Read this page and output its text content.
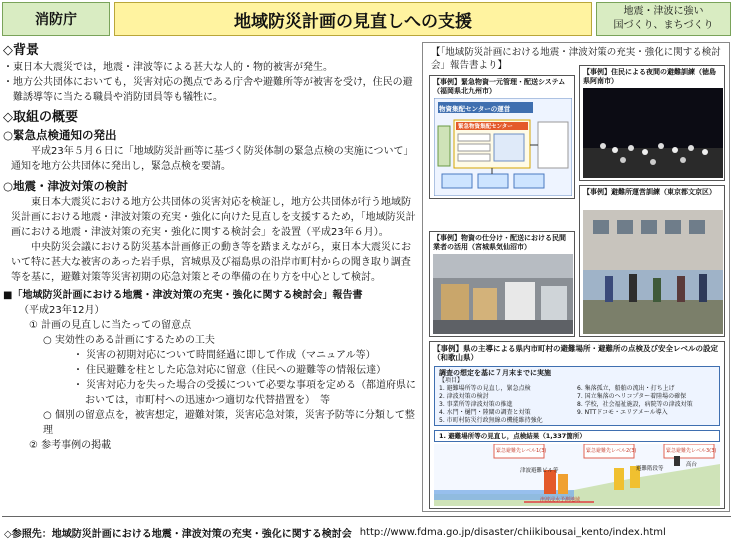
消防庁	地域防災計画の見直しへの支援	地震・津波に強い
国づくり、まちづくり
◇背景
・東日本大震災では，地震・津波等による甚大な人的・物的被害が発生。
・地方公共団体においても，災害対応の拠点である庁舎や避難所等が被害を受け，住民の避難誘導等に当たる職員や消防団員等も犠牲に。
◇取組の概要
○緊急点検通知の発出
平成23年５月６日に「地域防災計画等に基づく防災体制の緊急点検の実施について」通知を地方公共団体に発出し，緊急点検を要請。
○地震・津波対策の検討
東日本大震災における地方公共団体の災害対応を検証し，地方公共団体が行う地域防災計画における地震・津波対策の充実・強化に向けた見直しを支援するため，「地域防災計画における地震・津波対策の充実・強化に関する検討会」を設置（平成23年６月）。
中央防災会議における防災基本計画修正の動き等を踏まえながら，東日本大震災において特に甚大な被害のあった岩手県，宮城県及び福島県の沿岸市町村からの聞き取り調査等を基に，避難対策等災害初期の応急対策とその準備の在り方を中心として検討。
■「地域防災計画における地震・津波対策の充実・強化に関する検討会」報告書
（平成23年12月）
① 計画の見直しに当たっての留意点
○ 実効性のある計画にするための工夫
・ 災害の初期対応について時間経過に即して作成（マニュアル等）
・ 住民避難を柱とした応急対応に留意（住民への避難等の情報伝達）
・ 災害対応力を失った場合の受援について必要な事項を定める（都道府県においては，市町村への迅速かつ適切な代替措置を）　等
○ 個別の留意点を，被害想定，避難対策，災害応急対策，災害予防等に分類して整理
② 参考事例の掲載
【「地域防災計画における地震・津波対策の充実・強化に関する検討会」報告書より】
【事例】緊急物資一元管理・配送システム（福岡県北九州市）
物資集配センターの運営
緊急物資集配センター
【事例】住民による夜間の避難訓練（徳島県阿南市）
【事例】物資の仕分け・配送における民間業者の活用（宮城県気仙沼市）
【事例】避難所運営訓練（東京都文京区）
【事例】県の主導による県内市町村の避難場所・避難所の点検及び安全レベルの設定（和歌山県）
調査の想定を基に７月末までに実施
【項目】
1. 避難場所等の見直し，緊急点検
2. 津波対策の検討
3. 事業所等津波対策の推進
4. 水門・樋門・陸閘の調査と対策
5. 市町村防災行政無線の機能維持強化
6. 集落孤立，船舶の流出・打ち上げ
7. 国立集落のヘリコプター着陸場の確保
8. 学校，社会福祉施設，病院等の津波対策
9. NTTドコモ・エリアメール導入
1. 避難場所等の見直し，点検結果（1,337箇所）
緊急避難先レベル1(3)	緊急避難先レベル2(3)	緊急避難先レベル3(3)
津波避難ビル等	避難階段等
高台
津波浸水予測地域
◇参照先：地域防災計画における地震・津波対策の充実・強化に関する検討会 http://www.fdma.go.jp/disaster/chiikibousai_kento/index.html
